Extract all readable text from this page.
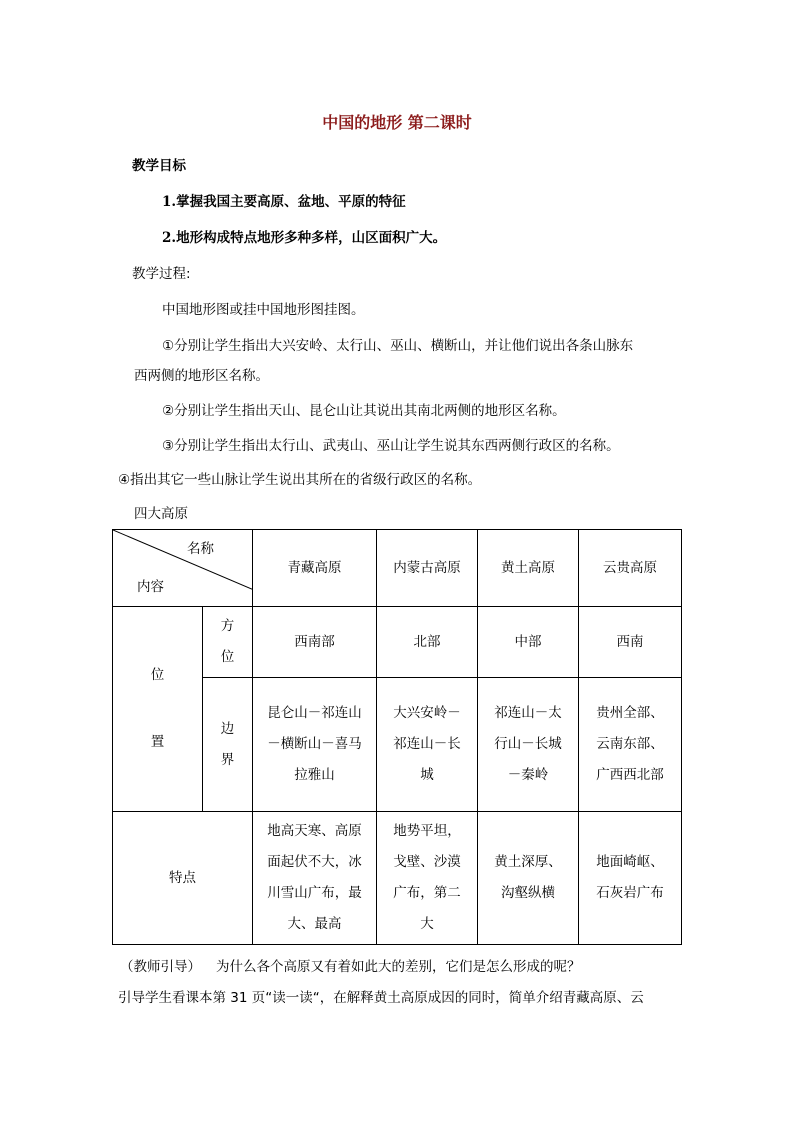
中国的地形 第二课时
教学目标
1.掌握我国主要高原、盆地、平原的特征
2.地形构成特点地形多种多样，山区面积广大。
教学过程:
中国地形图或挂中国地形图挂图。
①分别让学生指出大兴安岭、太行山、巫山、横断山，并让他们说出各条山脉东
西两侧的地形区名称。
②分别让学生指出天山、昆仑山让其说出其南北两侧的地形区名称。
③分别让学生指出太行山、武夷山、巫山让学生说其东西两侧行政区的名称。
④指出其它一些山脉让学生说出其所在的省级行政区的名称。
四大高原
名称
内容		青藏高原	内蒙古高原	黄土高原	云贵高原
位
置	方位	西南部	北部	中部	西南
	边界	昆仑山－祁连山－横断山－喜马拉雅山	大兴安岭－祁连山－长城	祁连山－太行山－长城－秦岭	贵州全部、云南东部、广西西北部
特点		地高天寒、高原面起伏不大，冰川雪山广布，最大、最高	地势平坦，戈壁、沙漠广布，第二大	黄土深厚、沟壑纵横	地面崎岖、石灰岩广布
（教师引导） 为什么各个高原又有着如此大的差别，它们是怎么形成的呢？
引导学生看课本第 31 页“读一读“，在解释黄土高原成因的同时，简单介绍青藏高原、云
